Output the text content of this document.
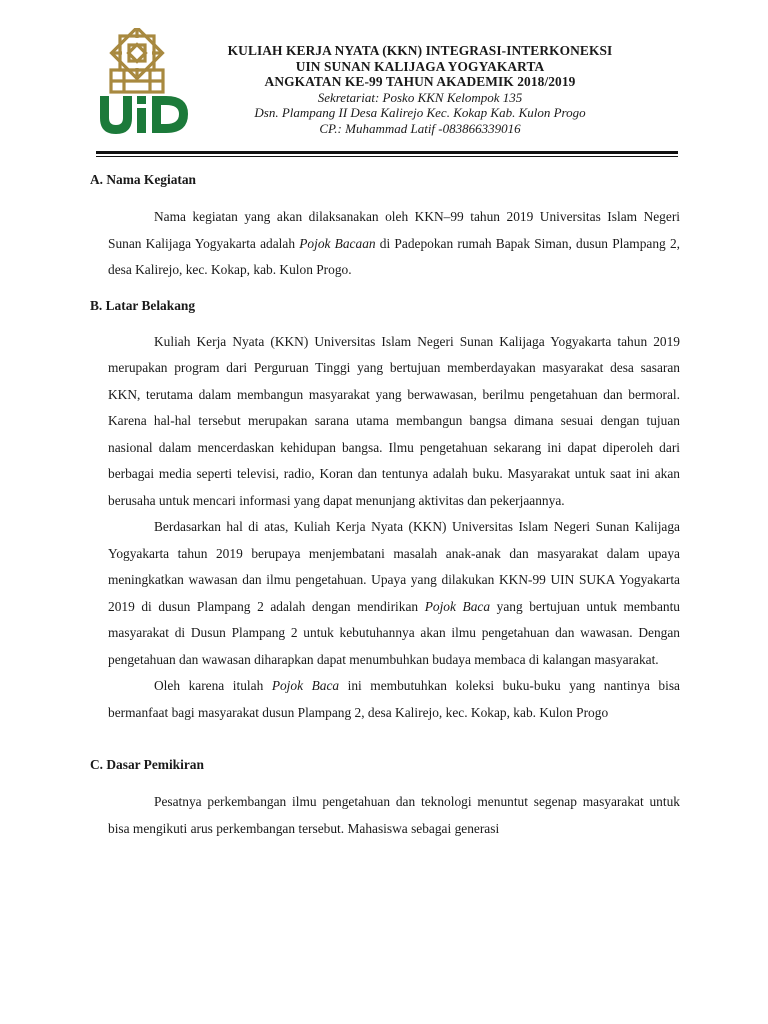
KULIAH KERJA NYATA (KKN) INTEGRASI-INTERKONEKSI
UIN SUNAN KALIJAGA YOGYAKARTA
ANGKATAN KE-99 TAHUN AKADEMIK 2018/2019
Sekretariat: Posko KKN Kelompok 135
Dsn. Plampang II Desa Kalirejo Kec. Kokap Kab. Kulon Progo
CP.: Muhammad Latif -083866339016

A. Nama Kegiatan

Nama kegiatan yang akan dilaksanakan oleh KKN–99 tahun 2019 Universitas Islam Negeri Sunan Kalijaga Yogyakarta adalah Pojok Bacaan di Padepokan rumah Bapak Siman, dusun Plampang 2, desa Kalirejo, kec. Kokap, kab. Kulon Progo.

B. Latar Belakang

Kuliah Kerja Nyata (KKN) Universitas Islam Negeri Sunan Kalijaga Yogyakarta tahun 2019 merupakan program dari Perguruan Tinggi yang bertujuan memberdayakan masyarakat desa sasaran KKN, terutama dalam membangun masyarakat yang berwawasan, berilmu pengetahuan dan bermoral. Karena hal-hal tersebut merupakan sarana utama membangun bangsa dimana sesuai dengan tujuan nasional dalam mencerdaskan kehidupan bangsa. Ilmu pengetahuan sekarang ini dapat diperoleh dari berbagai media seperti televisi, radio, Koran dan tentunya adalah buku. Masyarakat untuk saat ini akan berusaha untuk mencari informasi yang dapat menunjang aktivitas dan pekerjaannya.

Berdasarkan hal di atas, Kuliah Kerja Nyata (KKN) Universitas Islam Negeri Sunan Kalijaga Yogyakarta tahun 2019 berupaya menjembatani masalah anak-anak dan masyarakat dalam upaya meningkatkan wawasan dan ilmu pengetahuan. Upaya yang dilakukan KKN-99 UIN SUKA Yogyakarta 2019 di dusun Plampang 2 adalah dengan mendirikan Pojok Baca yang bertujuan untuk membantu masyarakat di Dusun Plampang 2 untuk kebutuhannya akan ilmu pengetahuan dan wawasan. Dengan pengetahuan dan wawasan diharapkan dapat menumbuhkan budaya membaca di kalangan masyarakat.

Oleh karena itulah Pojok Baca ini membutuhkan koleksi buku-buku yang nantinya bisa bermanfaat bagi masyarakat dusun Plampang 2, desa Kalirejo, kec. Kokap, kab. Kulon Progo

C. Dasar Pemikiran

Pesatnya perkembangan ilmu pengetahuan dan teknologi menuntut segenap masyarakat untuk bisa mengikuti arus perkembangan tersebut. Mahasiswa sebagai generasi
